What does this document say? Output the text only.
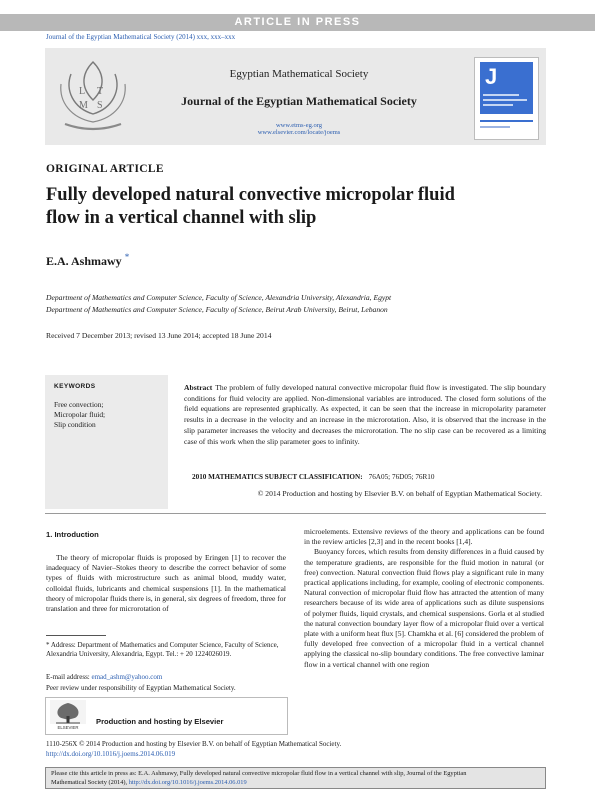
ARTICLE IN PRESS
Journal of the Egyptian Mathematical Society (2014) xxx, xxx–xxx
L T
M S
Egyptian Mathematical Society
Journal of the Egyptian Mathematical Society
www.etms-eg.org
www.elsevier.com/locate/joems
J
ORIGINAL ARTICLE
Fully developed natural convective micropolar fluid
flow in a vertical channel with slip
E.A. Ashmawy *
Department of Mathematics and Computer Science, Faculty of Science, Alexandria University, Alexandria, Egypt
Department of Mathematics and Computer Science, Faculty of Science, Beirut Arab University, Beirut, Lebanon
Received 7 December 2013; revised 13 June 2014; accepted 18 June 2014
KEYWORDS
Free convection;
Micropolar fluid;
Slip condition
Abstract The problem of fully developed natural convective micropolar fluid flow is investigated. The slip boundary conditions for fluid velocity are applied. Non-dimensional variables are introduced. The closed form solutions of the field equations are represented graphically. As expected, it can be seen that the increase in micropolarity parameter results in a decrease in the velocity and an increase in the microrotation. Also, it is observed that the increase in the slip parameter increases the velocity and decreases the microrotation. The no slip case can be recovered as a limiting case of this work when the slip parameter goes to infinity.
2010 MATHEMATICS SUBJECT CLASSIFICATION: 76A05; 76D05; 76R10
© 2014 Production and hosting by Elsevier B.V. on behalf of Egyptian Mathematical Society.
1. Introduction

The theory of micropolar fluids is proposed by Eringen [1] to recover the inadequacy of Navier–Stokes theory to describe the correct behavior of some types of fluids with microstructure such as animal blood, muddy water, colloidal fluids, lubricants and chemical suspensions [1]. In the mathematical theory of micropolar fluids there is, in general, six degrees of freedom, three for translation and three for microrotation of

microelements. Extensive reviews of the theory and applications can be found in the review articles [2,3] and in the recent books [1,4].

Buoyancy forces, which results from density differences in a fluid caused by the temperature gradients, are responsible for the fluid motion in natural (or free) convection. Natural convection fluid flows play a significant rule in many practical applications including, for example, cooling of electronic components. Natural convection of micropolar fluid flow has attracted the attention of many researchers because of its wide area of applications such as dilute suspensions of polymer fluids, liquid crystals, and chemical suspensions. Gorla et al studied the natural convection boundary layer flow of a micropolar fluid over a vertical plate with a uniform heat flux [5]. Chamkha et al. [6] considered the problem of fully developed free convection of a micropolar fluid in a vertical channel applying the classical no-slip boundary conditions. The free convective laminar flow in a vertical channel with one region

* Address: Department of Mathematics and Computer Science, Faculty of Science, Alexandria University, Alexandria, Egypt. Tel.: + 20 1224026019.
E-mail address: emad_ashm@yahoo.com
Peer review under responsibility of Egyptian Mathematical Society.
ELSEVIER
Production and hosting by Elsevier
1110-256X © 2014 Production and hosting by Elsevier B.V. on behalf of Egyptian Mathematical Society.
http://dx.doi.org/10.1016/j.joems.2014.06.019
Please cite this article in press as: E.A. Ashmawy, Fully developed natural convective micropolar fluid flow in a vertical channel with slip, Journal of the Egyptian
Mathematical Society (2014), http://dx.doi.org/10.1016/j.joems.2014.06.019
